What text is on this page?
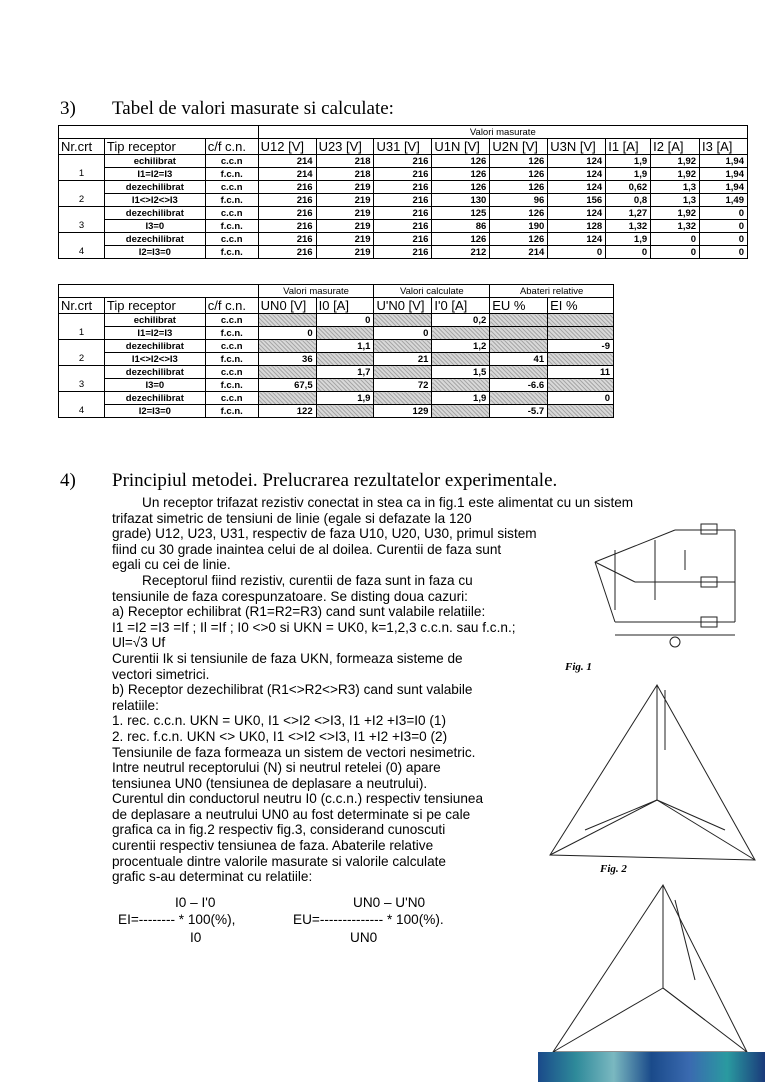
3) Tabel de valori masurate si calculate:
			Valori masurate								
Nr.crt	Tip receptor	c/f c.n.	U12 [V]	U23 [V]	U31 [V]	U1N [V]	U2N [V]	U3N [V]	I1 [A]	I2 [A]	I3 [A]
	echilibrat	c.c.n	214	218	216	126	126	124	1,9	1,92	1,94
1	I1=I2=I3	f.c.n.	214	218	216	126	126	124	1,9	1,92	1,94
	dezechilibrat	c.c.n	216	219	216	126	126	124	0,62	1,3	1,94
2	I1<>I2<>I3	f.c.n.	216	219	216	130	96	156	0,8	1,3	1,49
	dezechilibrat	c.c.n	216	219	216	125	126	124	1,27	1,92	0
3	I3=0	f.c.n.	216	219	216	86	190	128	1,32	1,32	0
	dezechilibrat	c.c.n	216	219	216	126	126	124	1,9	0	0
4	I2=I3=0	f.c.n.	216	219	216	212	214	0	0	0	0
			Valori masurate		Valori calculate		Abateri relative	
Nr.crt	Tip receptor	c/f c.n.	UN0 [V]	I0 [A]	U'N0 [V]	I'0 [A]	EU %	EI %
	echilibrat	c.c.n		0		0,2		
1	I1=I2=I3	f.c.n.	0		0			
	dezechilibrat	c.c.n		1,1		1,2		-9
2	I1<>I2<>I3	f.c.n.	36		21		41	
	dezechilibrat	c.c.n		1,7		1,5		11
3	I3=0	f.c.n.	67,5		72		-6.6	
	dezechilibrat	c.c.n		1,9		1,9		0
4	I2=I3=0	f.c.n.	122		129		-5.7	
4) Principiul metodei. Prelucrarea rezultatelor experimentale.
Un receptor trifazat rezistiv conectat in stea ca in fig.1 este alimentat cu un sistem
trifazat simetric de tensiuni de linie (egale si defazate la 120
grade) U12, U23, U31, respectiv de faza U10, U20, U30, primul sistem
fiind cu 30 grade inaintea celui de al doilea. Curentii de faza sunt
egali cu cei de linie.
Receptorul fiind rezistiv, curentii de faza sunt in faza cu
tensiunile de faza corespunzatoare. Se disting doua cazuri:
a) Receptor echilibrat (R1=R2=R3) cand sunt valabile relatiile:
I1 =I2 =I3 =If ; Il =If ; I0 <>0 si UKN = UK0, k=1,2,3 c.c.n. sau f.c.n.;
Ul=√3 Uf
Curentii Ik si tensiunile de faza UKN, formeaza sisteme de
vectori simetrici.
b) Receptor dezechilibrat (R1<>R2<>R3) cand sunt valabile
relatiile:
1. rec. c.c.n. UKN = UK0, I1 <>I2 <>I3, I1 +I2 +I3=I0 (1)
2. rec. f.c.n. UKN <> UK0, I1 <>I2 <>I3, I1 +I2 +I3=0 (2)
Tensiunile de faza formeaza un sistem de vectori nesimetric.
Intre neutrul receptorului (N) si neutrul retelei (0) apare
tensiunea UN0 (tensiunea de deplasare a neutrului).
Curentul din conductorul neutru I0 (c.c.n.) respectiv tensiunea
de deplasare a neutrului UN0 au fost determinate si pe cale
grafica ca in fig.2 respectiv fig.3, considerand cunoscuti
curentii respectiv tensiunea de faza. Abaterile relative
procentuale dintre valorile masurate si valorile calculate
grafic s-au determinat cu relatiile:
I0 – I'0
EI=-------- * 100(%),
I0
UN0 – U'N0
EU=-------------- * 100(%).
UN0
Fig. 1
Fig. 2
